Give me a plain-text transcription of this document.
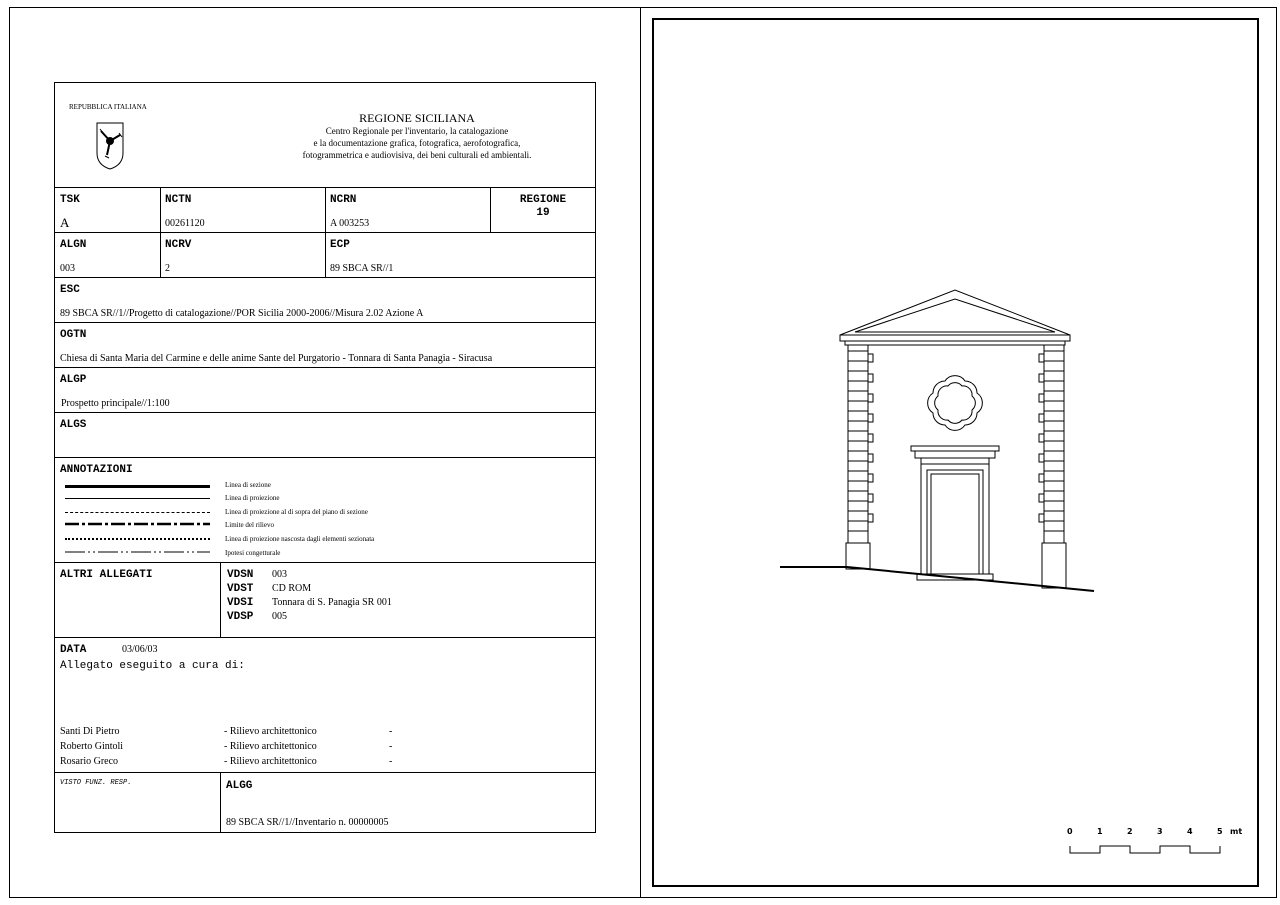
REPUBBLICA ITALIANA
REGIONE SICILIANA
Centro Regionale per l'inventario, la catalogazione
e la documentazione grafica, fotografica, aerofotografica,
fotogrammetrica e audiovisiva, dei beni culturali ed ambientali.
TSK
A
NCTN
00261120
NCRN
A 003253
REGIONE
19
ALGN
003
NCRV
2
ECP
89 SBCA SR//1
ESC
89 SBCA SR//1//Progetto di catalogazione//POR Sicilia 2000-2006//Misura 2.02 Azione A
OGTN
Chiesa di Santa Maria del Carmine e delle anime Sante del Purgatorio - Tonnara di Santa Panagia - Siracusa
ALGP
Prospetto principale//1:100
ALGS
ANNOTAZIONI
Linea di sezione
Linea di proiezione
Linea di proiezione al di sopra del piano di sezione
Limite del rilievo
Linea di proiezione nascosta dagli elementi sezionata
Ipotesi congetturale
ALTRI ALLEGATI	VDSN 003
VDST CD ROM
VDSI Tonnara di S. Panagia SR 001
VDSP 005
DATA	03/06/03
Allegato eseguito a cura di:
Santi Di Pietro	- Rilievo architettonico	-
Roberto Gintoli	- Rilievo architettonico	-
Rosario Greco	- Rilievo architettonico	-
VISTO FUNZ. RESP.	ALGG
89 SBCA SR//1//Inventario n. 00000005
0	1	2	3	4	5 mt
